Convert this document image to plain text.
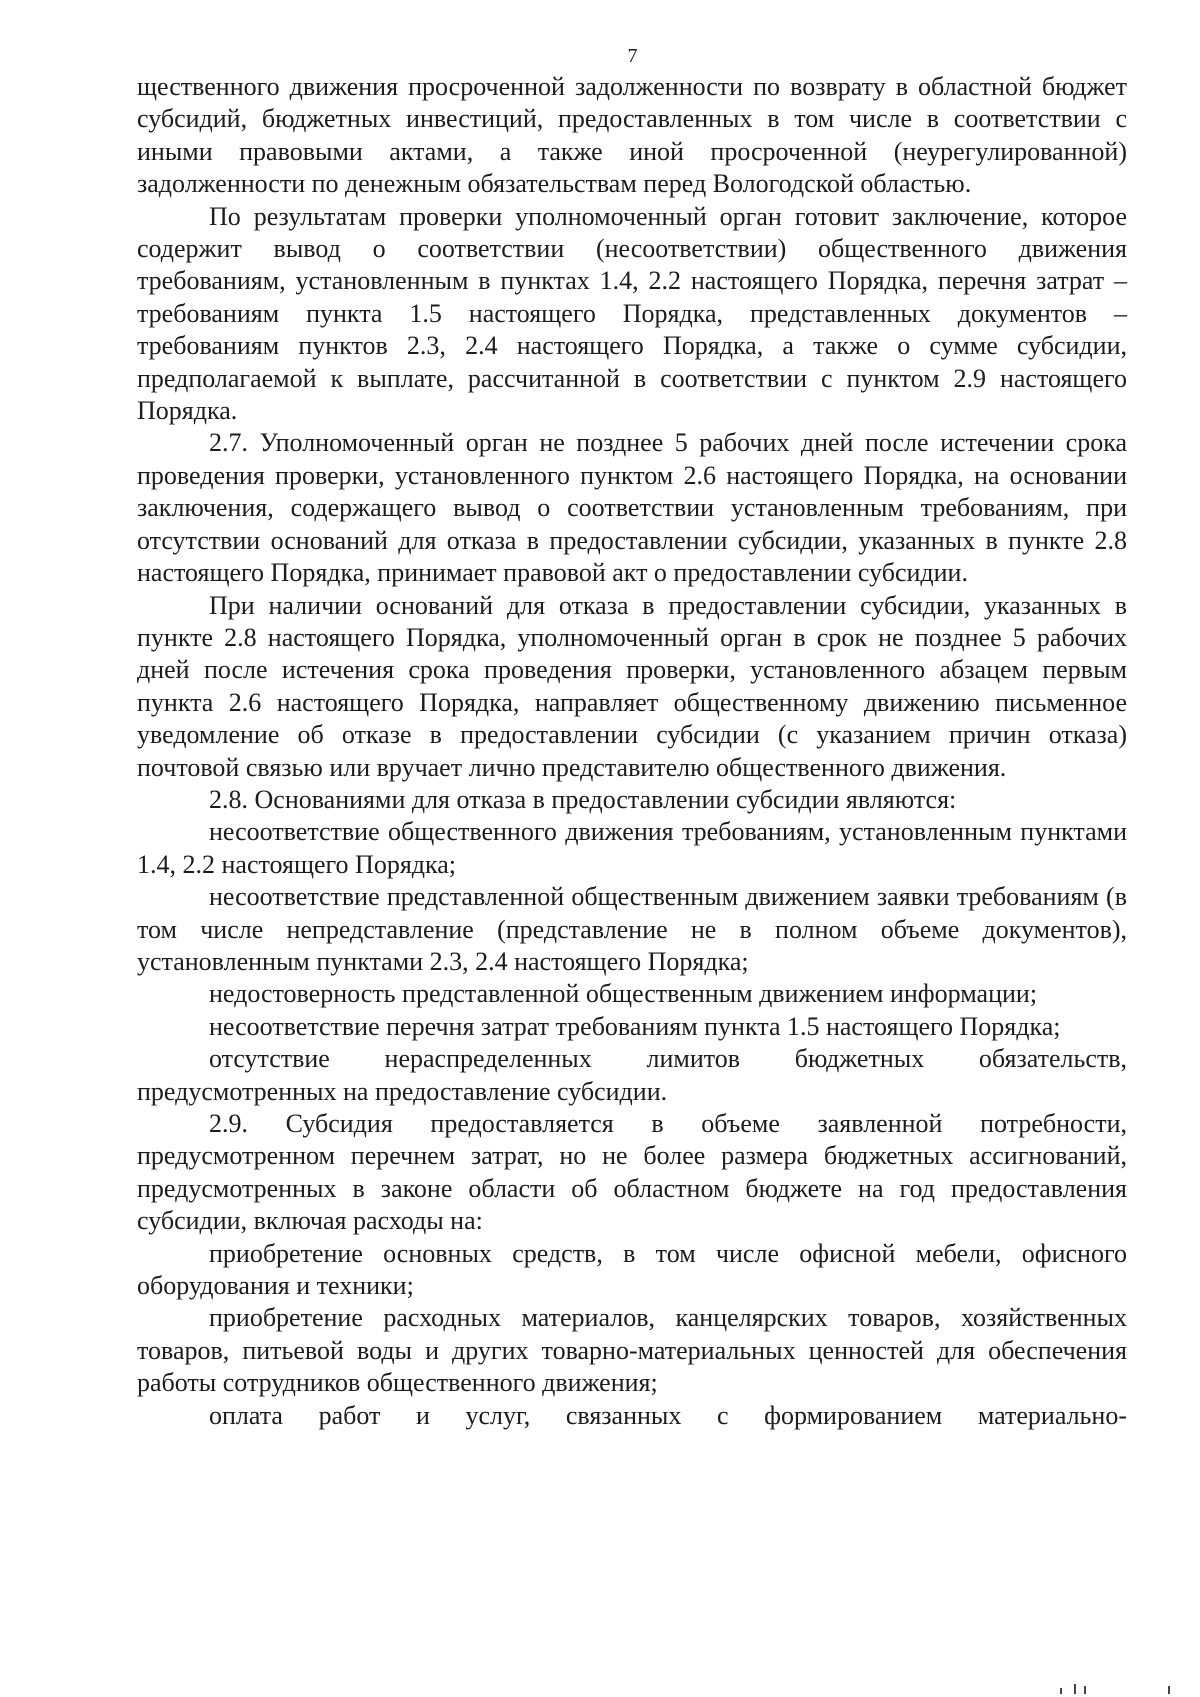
7

щественного движения просроченной задолженности по возврату в областной бюджет субсидий, бюджетных инвестиций, предоставленных в том числе в соответствии с иными правовыми актами, а также иной просроченной (неурегулированной) задолженности по денежным обязательствам перед Вологодской областью.

По результатам проверки уполномоченный орган готовит заключение, которое содержит вывод о соответствии (несоответствии) общественного движения требованиям, установленным в пунктах 1.4, 2.2 настоящего Порядка, перечня затрат – требованиям пункта 1.5 настоящего Порядка, представленных документов – требованиям пунктов 2.3, 2.4 настоящего Порядка, а также о сумме субсидии, предполагаемой к выплате, рассчитанной в соответствии с пунктом 2.9 настоящего Порядка.

2.7. Уполномоченный орган не позднее 5 рабочих дней после истечении срока проведения проверки, установленного пунктом 2.6 настоящего Порядка, на основании заключения, содержащего вывод о соответствии установленным требованиям, при отсутствии оснований для отказа в предоставлении субсидии, указанных в пункте 2.8 настоящего Порядка, принимает правовой акт о предоставлении субсидии.

При наличии оснований для отказа в предоставлении субсидии, указанных в пункте 2.8 настоящего Порядка, уполномоченный орган в срок не позднее 5 рабочих дней после истечения срока проведения проверки, установленного абзацем первым пункта 2.6 настоящего Порядка, направляет общественному движению письменное уведомление об отказе в предоставлении субсидии (с указанием причин отказа) почтовой связью или вручает лично представителю общественного движения.

2.8. Основаниями для отказа в предоставлении субсидии являются:

несоответствие общественного движения требованиям, установленным пунктами 1.4, 2.2 настоящего Порядка;

несоответствие представленной общественным движением заявки требованиям (в том числе непредставление (представление не в полном объеме документов), установленным пунктами 2.3, 2.4 настоящего Порядка;

недостоверность представленной общественным движением информации;

несоответствие перечня затрат требованиям пункта 1.5 настоящего Порядка;

отсутствие нераспределенных лимитов бюджетных обязательств, предусмотренных на предоставление субсидии.

2.9. Субсидия предоставляется в объеме заявленной потребности, предусмотренном перечнем затрат, но не более размера бюджетных ассигнований, предусмотренных в законе области об областном бюджете на год предоставления субсидии, включая расходы на:

приобретение основных средств, в том числе офисной мебели, офисного оборудования и техники;

приобретение расходных материалов, канцелярских товаров, хозяйственных товаров, питьевой воды и других товарно-материальных ценностей для обеспечения работы сотрудников общественного движения;

оплата работ и услуг, связанных с формированием материально-
